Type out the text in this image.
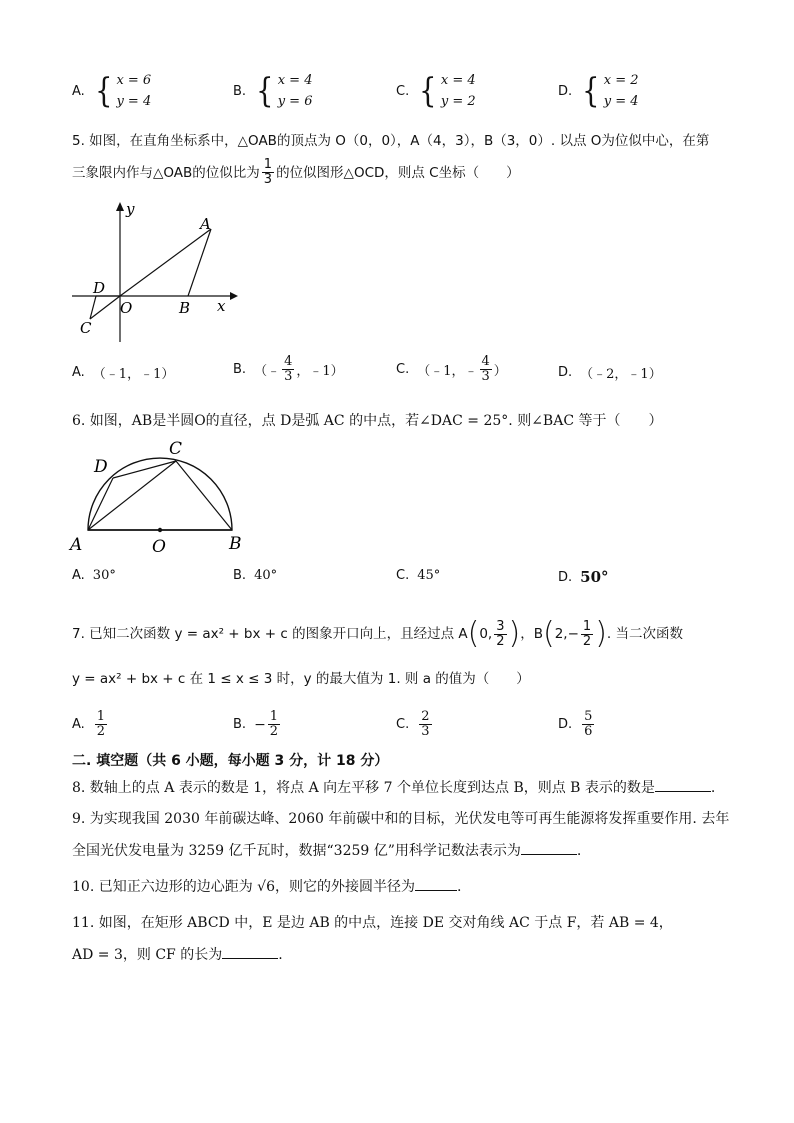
A. { x = 6
y = 4
B. { x = 4
y = 6
C. { x = 4
y = 2
D. { x = 2
y = 4
5. 如图，在直角坐标系中，△OAB的顶点为 O（0，0），A（4，3），B（3，0）. 以点 O为位似中心，在第
三象限内作与△OAB的位似比为 $\frac{1}{3}$ 的位似图形△OCD，则点 C坐标（　　）
y
A
D
O	B x
C
A. （﹣1，﹣1）	B. （﹣ $\frac{4}{3}$ ，﹣1）	C. （﹣1，﹣ $\frac{4}{3}$ ）	D. （﹣2，﹣1）
6. 如图，AB是半圆O的直径，点 D是弧 AC 的中点，若∠DAC = 25°. 则∠BAC 等于（　　）
D
C
A	O	B
A. 30°	B. 40°	C. 45°	D. 50°
7. 已知二次函数 y = ax² + bx + c 的图象开口向上，且经过点 A ( 0, $\frac{3}{2}$ ) ，B ( $2,- \frac{1}{2}$ ) . 当二次函数
y = ax² + bx + c 在 1 ≤ x ≤ 3 时，y 的最大值为 1. 则 a 的值为（　　）
A. $\frac{1}{2}$	B. − $\frac{1}{2}$	C. $\frac{2}{3}$	D. $\frac{5}{6}$
二. 填空题（共 6 小题，每小题 3 分，计 18 分）
8. 数轴上的点 A 表示的数是 1，将点 A 向左平移 7 个单位长度到达点 B，则点 B 表示的数是	.
9. 为实现我国 2030 年前碳达峰、2060 年前碳中和的目标，光伏发电等可再生能源将发挥重要作用. 去年
全国光伏发电量为 3259 亿千瓦时，数据“3259 亿”用科学记数法表示为	.
10. 已知正六边形的边心距为 √6，则它的外接圆半径为	.
11. 如图，在矩形 ABCD 中，E 是边 AB 的中点，连接 DE 交对角线 AC 于点 F，若 AB = 4，
AD = 3，则 CF 的长为	.
